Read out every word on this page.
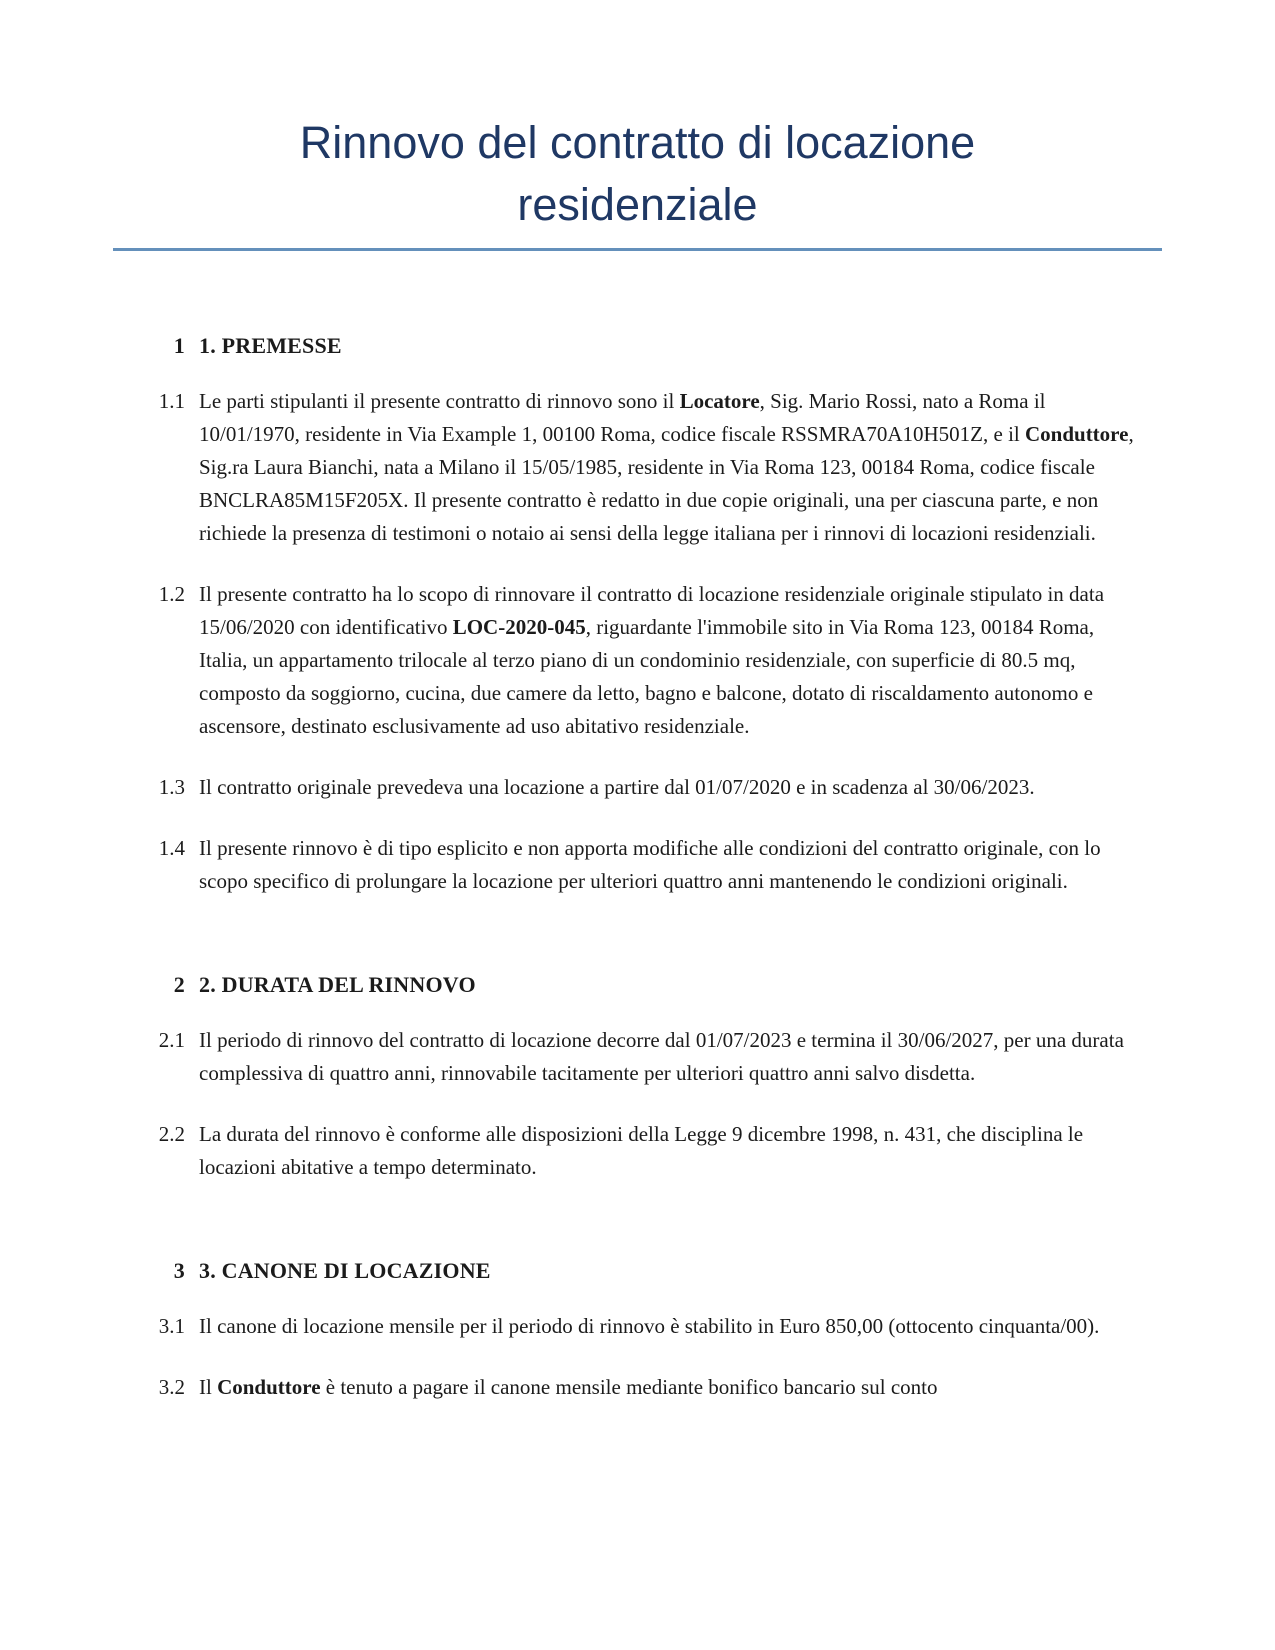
Rinnovo del contratto di locazione residenziale
1 1. PREMESSE
1.1 Le parti stipulanti il presente contratto di rinnovo sono il Locatore, Sig. Mario Rossi, nato a Roma il 10/01/1970, residente in Via Example 1, 00100 Roma, codice fiscale RSSMRA70A10H501Z, e il Conduttore, Sig.ra Laura Bianchi, nata a Milano il 15/05/1985, residente in Via Roma 123, 00184 Roma, codice fiscale BNCLRA85M15F205X. Il presente contratto è redatto in due copie originali, una per ciascuna parte, e non richiede la presenza di testimoni o notaio ai sensi della legge italiana per i rinnovi di locazioni residenziali.
1.2 Il presente contratto ha lo scopo di rinnovare il contratto di locazione residenziale originale stipulato in data 15/06/2020 con identificativo LOC-2020-045, riguardante l'immobile sito in Via Roma 123, 00184 Roma, Italia, un appartamento trilocale al terzo piano di un condominio residenziale, con superficie di 80.5 mq, composto da soggiorno, cucina, due camere da letto, bagno e balcone, dotato di riscaldamento autonomo e ascensore, destinato esclusivamente ad uso abitativo residenziale.
1.3 Il contratto originale prevedeva una locazione a partire dal 01/07/2020 e in scadenza al 30/06/2023.
1.4 Il presente rinnovo è di tipo esplicito e non apporta modifiche alle condizioni del contratto originale, con lo scopo specifico di prolungare la locazione per ulteriori quattro anni mantenendo le condizioni originali.
2 2. DURATA DEL RINNOVO
2.1 Il periodo di rinnovo del contratto di locazione decorre dal 01/07/2023 e termina il 30/06/2027, per una durata complessiva di quattro anni, rinnovabile tacitamente per ulteriori quattro anni salvo disdetta.
2.2 La durata del rinnovo è conforme alle disposizioni della Legge 9 dicembre 1998, n. 431, che disciplina le locazioni abitative a tempo determinato.
3 3. CANONE DI LOCAZIONE
3.1 Il canone di locazione mensile per il periodo di rinnovo è stabilito in Euro 850,00 (ottocento cinquanta/00).
3.2 Il Conduttore è tenuto a pagare il canone mensile mediante bonifico bancario sul conto
